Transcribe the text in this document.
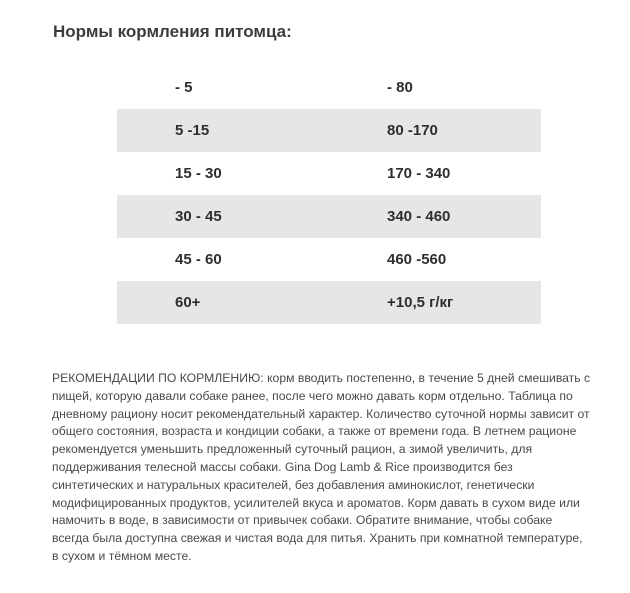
Нормы кормления питомца:
- 5	- 80
5 -15	80 -170
15 - 30	170 - 340
30 - 45	340 - 460
45 - 60	460 -560
60+	+10,5 г/кг

РЕКОМЕНДАЦИИ ПО КОРМЛЕНИЮ: корм вводить постепенно, в течение 5 дней смешивать с пищей, которую давали собаке ранее, после чего можно давать корм отдельно. Таблица по дневному рациону носит рекомендательный характер. Количество суточной нормы зависит от общего состояния, возраста и кондиции собаки, а также от времени года. В летнем рационе рекомендуется уменьшить предложенный суточный рацион, а зимой увеличить, для поддерживания телесной массы собаки. Gina Dog Lamb & Rice производится без синтетических и натуральных красителей, без добавления аминокислот, генетически модифицированных продуктов, усилителей вкуса и ароматов. Корм давать в сухом виде или намочить в воде, в зависимости от привычек собаки. Обратите внимание, чтобы собаке всегда была доступна свежая и чистая вода для питья. Хранить при комнатной температуре, в сухом и тёмном месте.
